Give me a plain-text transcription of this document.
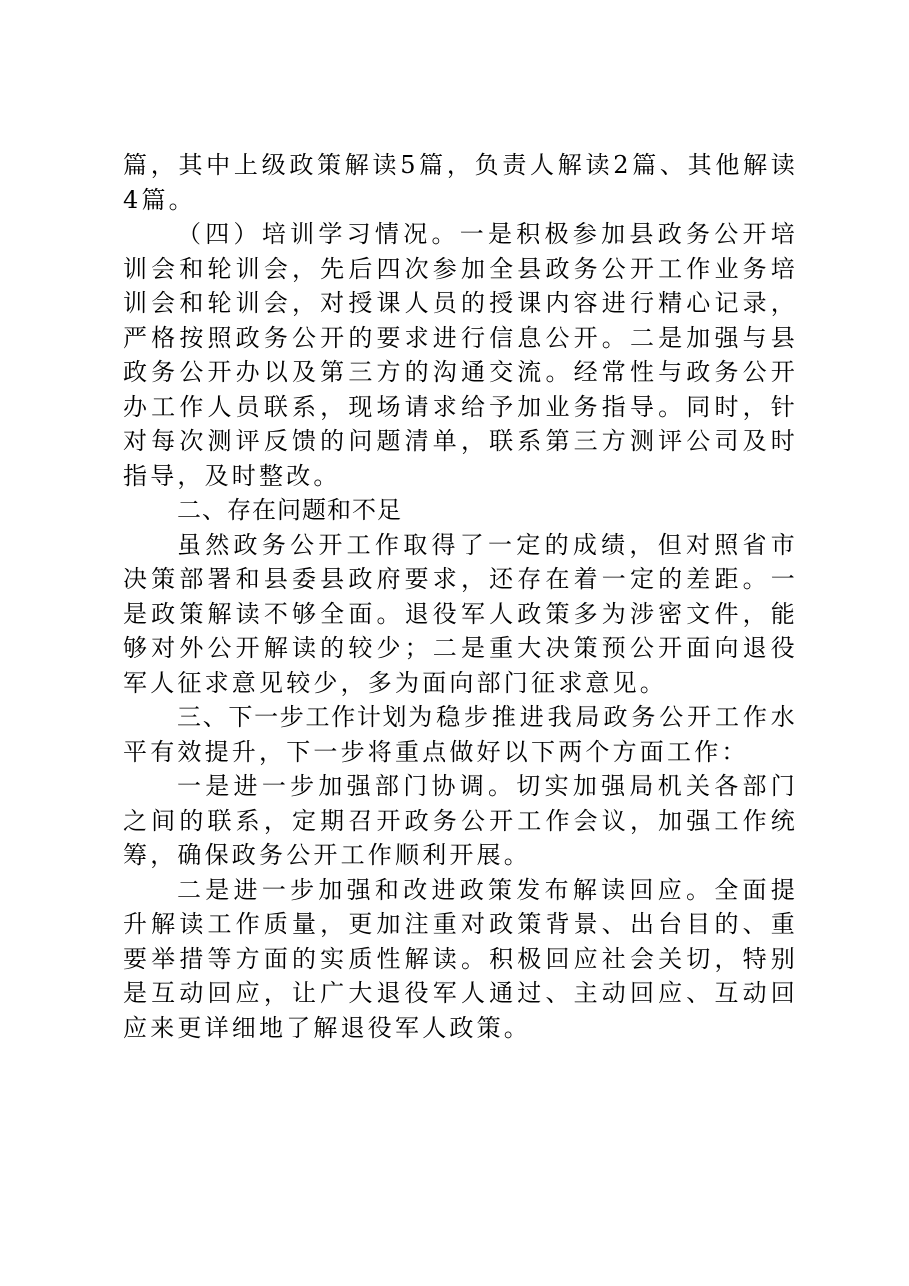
篇，其中上级政策解读5篇，负责人解读2篇、其他解读4篇。

（四）培训学习情况。一是积极参加县政务公开培训会和轮训会，先后四次参加全县政务公开工作业务培训会和轮训会，对授课人员的授课内容进行精心记录，严格按照政务公开的要求进行信息公开。二是加强与县政务公开办以及第三方的沟通交流。经常性与政务公开办工作人员联系，现场请求给予加业务指导。同时，针对每次测评反馈的问题清单，联系第三方测评公司及时指导，及时整改。

二、存在问题和不足

虽然政务公开工作取得了一定的成绩，但对照省市决策部署和县委县政府要求，还存在着一定的差距。一是政策解读不够全面。退役军人政策多为涉密文件，能够对外公开解读的较少；二是重大决策预公开面向退役军人征求意见较少，多为面向部门征求意见。

三、下一步工作计划为稳步推进我局政务公开工作水平有效提升，下一步将重点做好以下两个方面工作：

一是进一步加强部门协调。切实加强局机关各部门之间的联系，定期召开政务公开工作会议，加强工作统筹，确保政务公开工作顺利开展。

二是进一步加强和改进政策发布解读回应。全面提升解读工作质量，更加注重对政策背景、出台目的、重要举措等方面的实质性解读。积极回应社会关切，特别是互动回应，让广大退役军人通过、主动回应、互动回应来更详细地了解退役军人政策。
